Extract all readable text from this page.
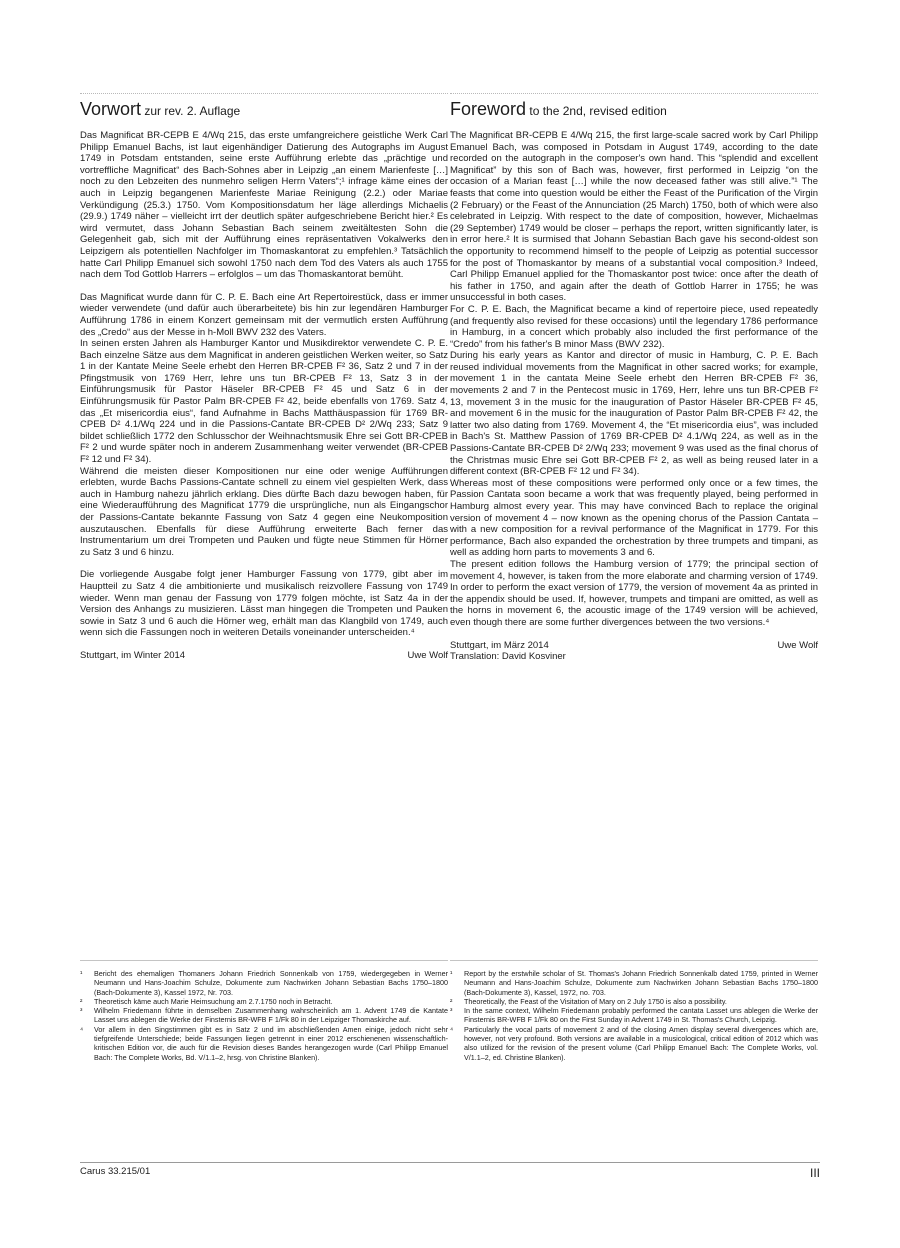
Vorwort zur rev. 2. Auflage

Das Magnificat BR-CEPB E 4/Wq 215, das erste umfangreichere geistliche Werk Carl Philipp Emanuel Bachs, ist laut eigenhändiger Datierung des Autographs im August 1749 in Potsdam entstanden, seine erste Aufführung erlebte das „prächtige und vortreffliche Magnificat“ des Bach-Sohnes aber in Leipzig „an einem Marienfeste […] noch zu den Lebzeiten des nunmehro seligen Herrn Vaters“;¹ infrage käme eines der auch in Leipzig begangenen Marienfeste Mariae Reinigung (2.2.) oder Mariae Verkündigung (25.3.) 1750. Vom Kompositionsdatum her läge allerdings Michaelis (29.9.) 1749 näher – vielleicht irrt der deutlich später aufgeschriebene Bericht hier.² Es wird vermutet, dass Johann Sebastian Bach seinem zweitältesten Sohn die Gelegenheit gab, sich mit der Aufführung eines repräsentativen Vokalwerks den Leipzigern als potentiellen Nachfolger im Thomaskantorat zu empfehlen.³ Tatsächlich hatte Carl Philipp Emanuel sich sowohl 1750 nach dem Tod des Vaters als auch 1755 nach dem Tod Gottlob Harrers – erfolglos – um das Thomaskantorat bemüht.

Das Magnificat wurde dann für C. P. E. Bach eine Art Repertoirestück, dass er immer wieder verwendete (und dafür auch überarbeitete) bis hin zur legendären Hamburger Aufführung 1786 in einem Konzert gemeinsam mit der vermutlich ersten Aufführung des „Credo“ aus der Messe in h-Moll BWV 232 des Vaters.

In seinen ersten Jahren als Hamburger Kantor und Musikdirektor verwendete C. P. E. Bach einzelne Sätze aus dem Magnificat in anderen geistlichen Werken weiter, so Satz 1 in der Kantate Meine Seele erhebt den Herren BR-CPEB F² 36, Satz 2 und 7 in der Pfingstmusik von 1769 Herr, lehre uns tun BR-CPEB F² 13, Satz 3 in der Einführungsmusik für Pastor Häseler BR-CPEB F² 45 und Satz 6 in der Einführungsmusik für Pastor Palm BR-CPEB F² 42, beide ebenfalls von 1769. Satz 4, das „Et misericordia eius“, fand Aufnahme in Bachs Matthäuspassion für 1769 BR-CPEB D² 4.1/Wq 224 und in die Passions-Cantate BR-CPEB D² 2/Wq 233; Satz 9 bildet schließlich 1772 den Schlusschor der Weihnachtsmusik Ehre sei Gott BR-CPEB F² 2 und wurde später noch in anderem Zusammenhang weiter verwendet (BR-CPEB F² 12 und F² 34).

Während die meisten dieser Kompositionen nur eine oder wenige Aufführungen erlebten, wurde Bachs Passions-Cantate schnell zu einem viel gespielten Werk, dass auch in Hamburg nahezu jährlich erklang. Dies dürfte Bach dazu bewogen haben, für eine Wiederaufführung des Magnificat 1779 die ursprüngliche, nun als Eingangschor der Passions-Cantate bekannte Fassung von Satz 4 gegen eine Neukomposition auszutauschen. Ebenfalls für diese Aufführung erweiterte Bach ferner das Instrumentarium um drei Trompeten und Pauken und fügte neue Stimmen für Hörner zu Satz 3 und 6 hinzu.

Die vorliegende Ausgabe folgt jener Hamburger Fassung von 1779, gibt aber im Hauptteil zu Satz 4 die ambitionierte und musikalisch reizvollere Fassung von 1749 wieder. Wenn man genau der Fassung von 1779 folgen möchte, ist Satz 4a in der Version des Anhangs zu musizieren. Lässt man hingegen die Trompeten und Pauken sowie in Satz 3 und 6 auch die Hörner weg, erhält man das Klangbild von 1749, auch wenn sich die Fassungen noch in weiteren Details voneinander unterscheiden.⁴

Stuttgart, im Winter 2014	Uwe Wolf
Foreword to the 2nd, revised edition

The Magnificat BR-CEPB E 4/Wq 215, the first large-scale sacred work by Carl Philipp Emanuel Bach, was composed in Potsdam in August 1749, according to the date recorded on the autograph in the composer's own hand. This “splendid and excellent Magnificat” by this son of Bach was, however, first performed in Leipzig “on the occasion of a Marian feast […] while the now deceased father was still alive.”¹ The feasts that come into question would be either the Feast of the Purification of the Virgin (2 February) or the Feast of the Annunciation (25 March) 1750, both of which were also celebrated in Leipzig. With respect to the date of composition, however, Michaelmas (29 September) 1749 would be closer – perhaps the report, written significantly later, is in error here.² It is surmised that Johann Sebastian Bach gave his second-oldest son the opportunity to recommend himself to the people of Leipzig as potential successor for the post of Thomaskantor by means of a substantial vocal composition.³ Indeed, Carl Philipp Emanuel applied for the Thomaskantor post twice: once after the death of his father in 1750, and again after the death of Gottlob Harrer in 1755; he was unsuccessful in both cases.

For C. P. E. Bach, the Magnificat became a kind of repertoire piece, used repeatedly (and frequently also revised for these occasions) until the legendary 1786 performance in Hamburg, in a concert which probably also included the first performance of the “Credo” from his father's B minor Mass (BWV 232).

During his early years as Kantor and director of music in Hamburg, C. P. E. Bach reused individual movements from the Magnificat in other sacred works; for example, movement 1 in the cantata Meine Seele erhebt den Herren BR-CPEB F² 36, movements 2 and 7 in the Pentecost music in 1769, Herr, lehre uns tun BR-CPEB F² 13, movement 3 in the music for the inauguration of Pastor Häseler BR-CPEB F² 45, and movement 6 in the music for the inauguration of Pastor Palm BR-CPEB F² 42, the latter two also dating from 1769. Movement 4, the “Et misericordia eius”, was included in Bach's St. Matthew Passion of 1769 BR-CPEB D² 4.1/Wq 224, as well as in the Passions-Cantate BR-CPEB D² 2/Wq 233; movement 9 was used as the final chorus of the Christmas music Ehre sei Gott BR-CPEB F² 2, as well as being reused later in a different context (BR-CPEB F² 12 und F² 34).

Whereas most of these compositions were performed only once or a few times, the Passion Cantata soon became a work that was frequently played, being performed in Hamburg almost every year. This may have convinced Bach to replace the original version of movement 4 – now known as the opening chorus of the Passion Cantata – with a new composition for a revival performance of the Magnificat in 1779. For this performance, Bach also expanded the orchestration by three trumpets and timpani, as well as adding horn parts to movements 3 and 6.

The present edition follows the Hamburg version of 1779; the principal section of movement 4, however, is taken from the more elaborate and charming version of 1749. In order to perform the exact version of 1779, the version of movement 4a as printed in the appendix should be used. If, however, trumpets and timpani are omitted, as well as the horns in movement 6, the acoustic image of the 1749 version will be achieved, even though there are some further divergences between the two versions.⁴

Stuttgart, im März 2014	Uwe Wolf
Translation: David Kosviner
¹	Bericht des ehemaligen Thomaners Johann Friedrich Sonnenkalb von 1759, wiedergegeben in Werner Neumann und Hans-Joachim Schulze, Dokumente zum Nachwirken Johann Sebastian Bachs 1750–1800 (Bach-Dokumente 3), Kassel 1972, Nr. 703.
²	Theoretisch käme auch Marie Heimsuchung am 2.7.1750 noch in Betracht.
³	Wilhelm Friedemann führte in demselben Zusammenhang wahrscheinlich am 1. Advent 1749 die Kantate Lasset uns ablegen die Werke der Finsternis BR-WFB F 1/Fk 80 in der Leipziger Thomaskirche auf.
⁴	Vor allem in den Singstimmen gibt es in Satz 2 und im abschließenden Amen einige, jedoch nicht sehr tiefgreifende Unterschiede; beide Fassungen liegen getrennt in einer 2012 erschienenen wissenschaftlich-kritischen Edition vor, die auch für die Revision dieses Bandes herangezogen wurde (Carl Philipp Emanuel Bach: The Complete Works, Bd. V/1.1–2, hrsg. von Christine Blanken).
¹	Report by the erstwhile scholar of St. Thomas's Johann Friedrich Sonnenkalb dated 1759, printed in Werner Neumann and Hans-Joachim Schulze, Dokumente zum Nachwirken Johann Sebastian Bachs 1750–1800 (Bach-Dokumente 3), Kassel, 1972, no. 703.
²	Theoretically, the Feast of the Visitation of Mary on 2 July 1750 is also a possibility.
³	In the same context, Wilhelm Friedemann probably performed the cantata Lasset uns ablegen die Werke der Finsternis BR-WFB F 1/Fk 80 on the First Sunday in Advent 1749 in St. Thomas's Church, Leipzig.
⁴	Particularly the vocal parts of movement 2 and of the closing Amen display several divergences which are, however, not very profound. Both versions are available in a musicological, critical edition of 2012 which was also utilized for the revision of the present volume (Carl Philipp Emanuel Bach: The Complete Works, vol. V/1.1–2, ed. Christine Blanken).
Carus 33.215/01	III
